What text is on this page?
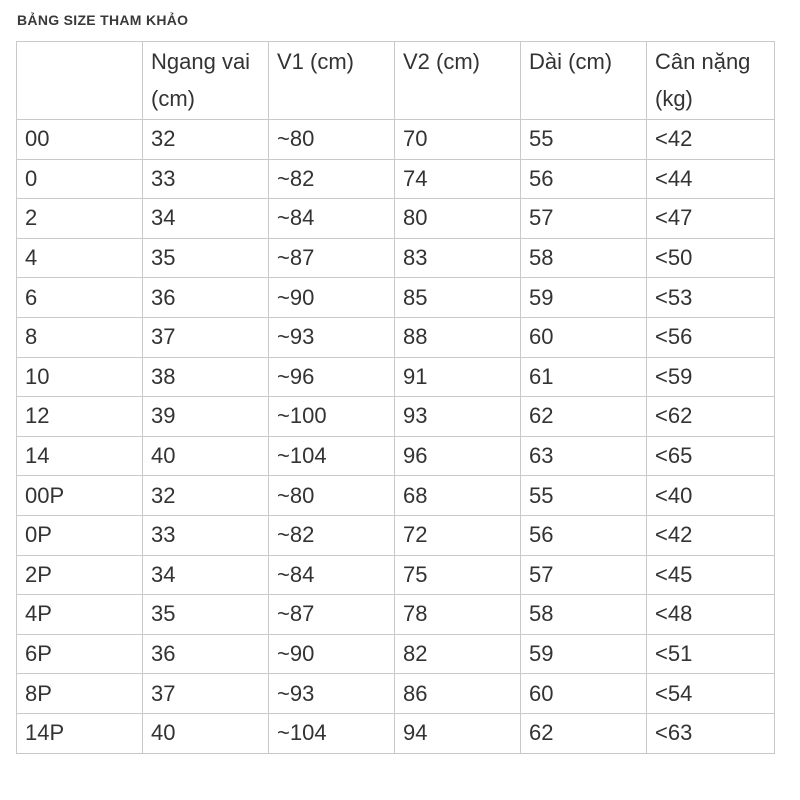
BẢNG SIZE THAM KHẢO
	Ngang vai (cm)	V1 (cm)	V2 (cm)	Dài (cm)	Cân nặng (kg)
00	32	~80	70	55	<42
0	33	~82	74	56	<44
2	34	~84	80	57	<47
4	35	~87	83	58	<50
6	36	~90	85	59	<53
8	37	~93	88	60	<56
10	38	~96	91	61	<59
12	39	~100	93	62	<62
14	40	~104	96	63	<65
00P	32	~80	68	55	<40
0P	33	~82	72	56	<42
2P	34	~84	75	57	<45
4P	35	~87	78	58	<48
6P	36	~90	82	59	<51
8P	37	~93	86	60	<54
14P	40	~104	94	62	<63
